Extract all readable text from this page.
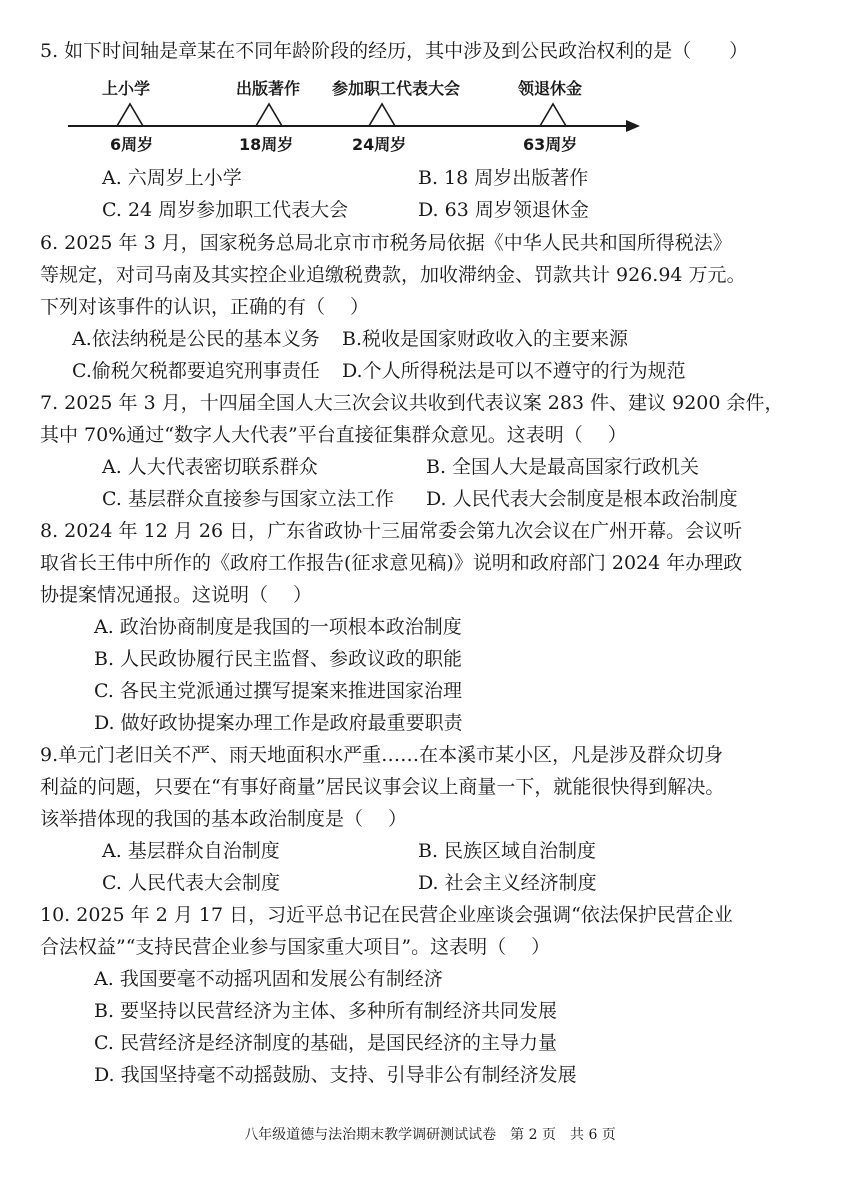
5. 如下时间轴是章某在不同年龄阶段的经历，其中涉及到公民政治权利的是（　　）
上小学	出版著作 参加职工代表大会	领退休金
6周岁	18周岁	24周岁	63周岁
A. 六周岁上小学	B. 18 周岁出版著作
C. 24 周岁参加职工代表大会	D. 63 周岁领退休金
6. 2025 年 3 月，国家税务总局北京市市税务局依据《中华人民共和国所得税法》
等规定，对司马南及其实控企业追缴税费款，加收滞纳金、罚款共计 926.94 万元。
下列对该事件的认识，正确的有（　 ）
A.依法纳税是公民的基本义务 B.税收是国家财政收入的主要来源
C.偷税欠税都要追究刑事责任 D.个人所得税法是可以不遵守的行为规范
7. 2025 年 3 月，十四届全国人大三次会议共收到代表议案 283 件、建议 9200 余件，
其中 70%通过“数字人大代表”平台直接征集群众意见。这表明（　 ）
A. 人大代表密切联系群众	B. 全国人大是最高国家行政机关
C. 基层群众直接参与国家立法工作 D. 人民代表大会制度是根本政治制度
8. 2024 年 12 月 26 日，广东省政协十三届常委会第九次会议在广州开幕。会议听
取省长王伟中所作的《政府工作报告(征求意见稿)》说明和政府部门 2024 年办理政
协提案情况通报。这说明（　 ）
A. 政治协商制度是我国的一项根本政治制度
B. 人民政协履行民主监督、参政议政的职能
C. 各民主党派通过撰写提案来推进国家治理
D. 做好政协提案办理工作是政府最重要职责
9.单元门老旧关不严、雨天地面积水严重……在本溪市某小区，凡是涉及群众切身
利益的问题，只要在“有事好商量”居民议事会议上商量一下，就能很快得到解决。
该举措体现的我国的基本政治制度是（　 ）
A. 基层群众自治制度	B. 民族区域自治制度
C. 人民代表大会制度	D. 社会主义经济制度
10. 2025 年 2 月 17 日，习近平总书记在民营企业座谈会强调“依法保护民营企业
合法权益”“支持民营企业参与国家重大项目”。这表明（　 ）
A. 我国要毫不动摇巩固和发展公有制经济
B. 要坚持以民营经济为主体、多种所有制经济共同发展
C. 民营经济是经济制度的基础，是国民经济的主导力量
D. 我国坚持毫不动摇鼓励、支持、引导非公有制经济发展
八年级道德与法治期末教学调研测试试卷　第 2 页　共 6 页
